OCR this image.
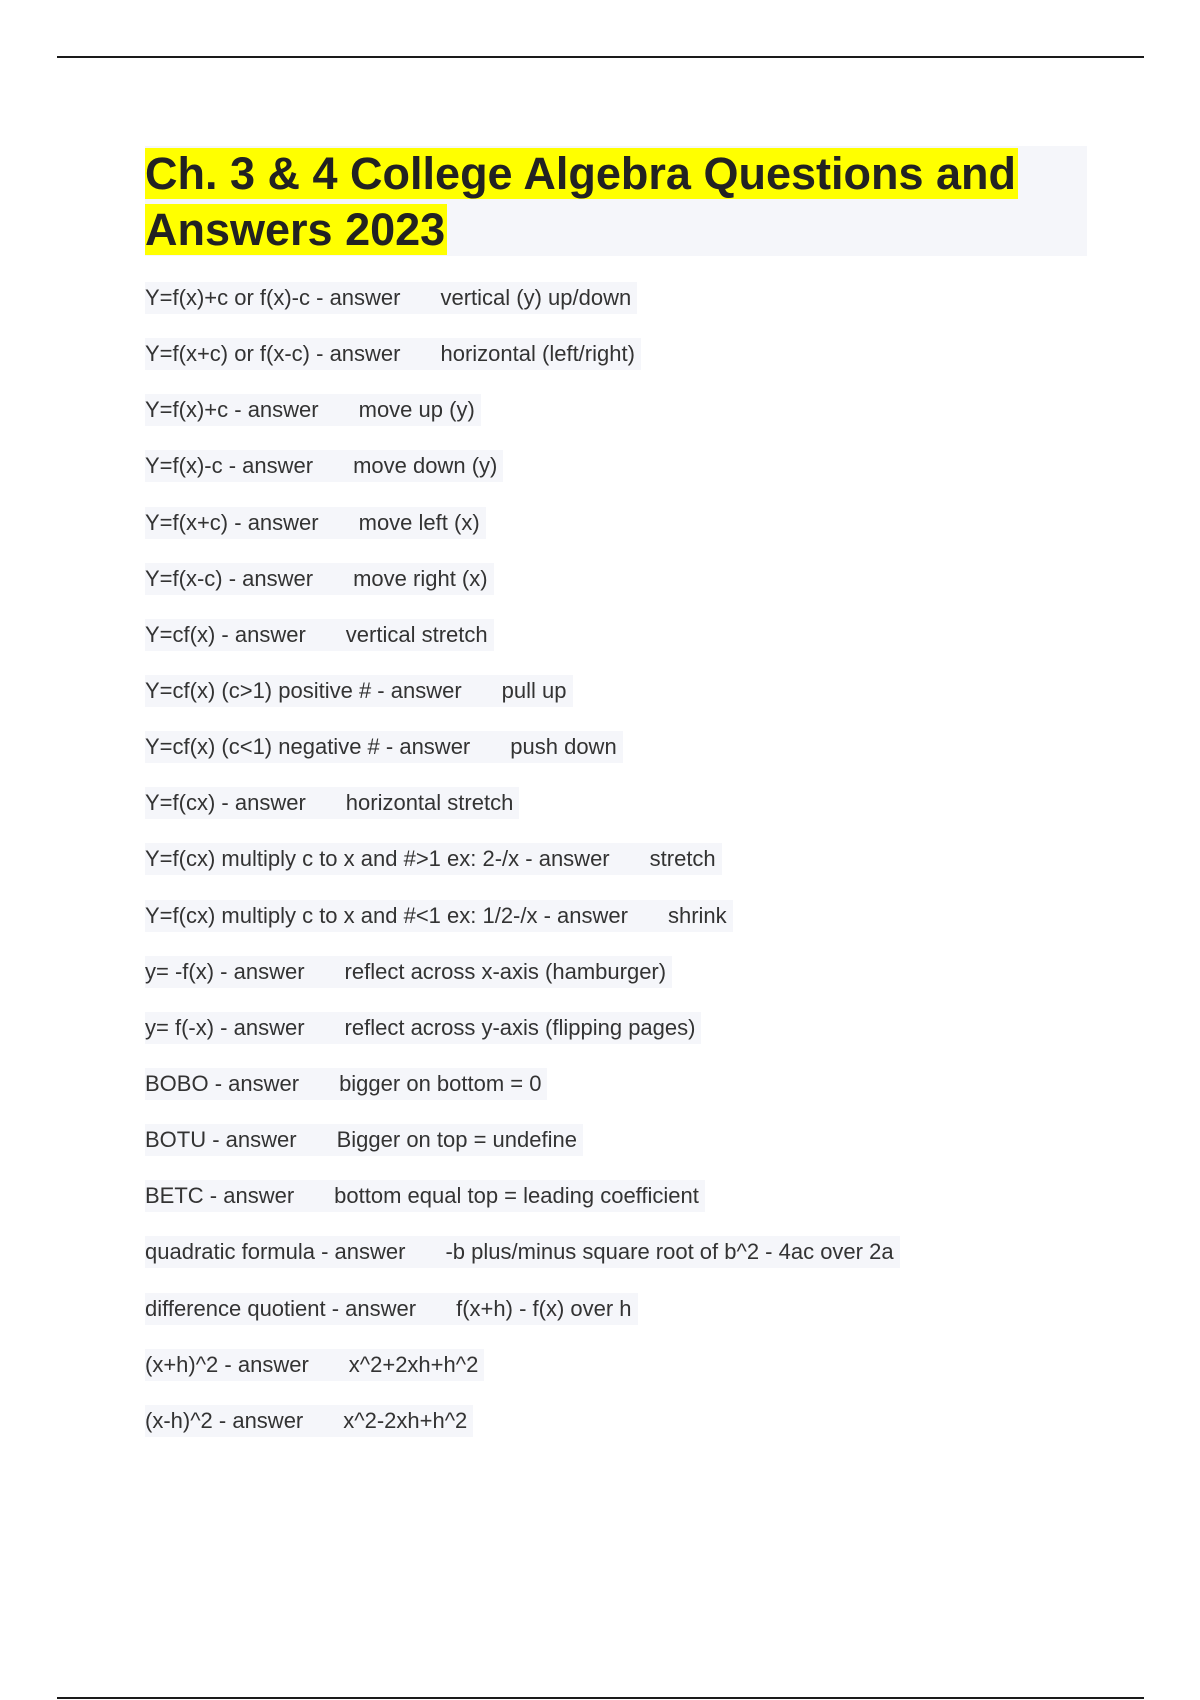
Ch. 3 & 4 College Algebra Questions and Answers 2023
Y=f(x)+c or f(x)-c - answer vertical (y) up/down
Y=f(x+c) or f(x-c) - answer horizontal (left/right)
Y=f(x)+c - answer move up (y)
Y=f(x)-c - answer move down (y)
Y=f(x+c) - answer move left (x)
Y=f(x-c) - answer move right (x)
Y=cf(x) - answer vertical stretch
Y=cf(x) (c>1) positive # - answer pull up
Y=cf(x) (c<1) negative # - answer push down
Y=f(cx) - answer horizontal stretch
Y=f(cx) multiply c to x and #>1 ex: 2-/x - answer stretch
Y=f(cx) multiply c to x and #<1 ex: 1/2-/x - answer shrink
y= -f(x) - answer reflect across x-axis (hamburger)
y= f(-x) - answer reflect across y-axis (flipping pages)
BOBO - answer bigger on bottom = 0
BOTU - answer Bigger on top = undefine
BETC - answer bottom equal top = leading coefficient
quadratic formula - answer -b plus/minus square root of b^2 - 4ac over 2a
difference quotient - answer f(x+h) - f(x) over h
(x+h)^2 - answer x^2+2xh+h^2
(x-h)^2 - answer x^2-2xh+h^2
